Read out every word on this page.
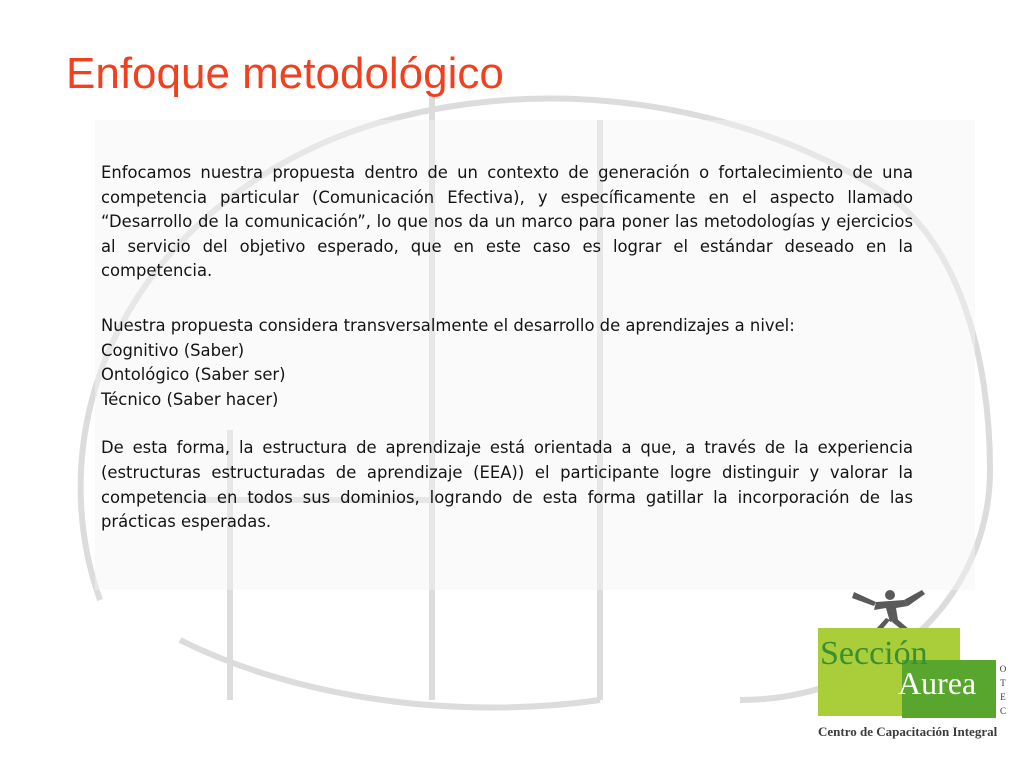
Enfoque metodológico

Enfocamos nuestra propuesta dentro de un contexto de generación o fortalecimiento de una competencia particular (Comunicación Efectiva), y específicamente en el aspecto llamado “Desarrollo de la comunicación”, lo que nos da un marco para poner las metodologías y ejercicios al servicio del objetivo esperado, que en este caso es lograr el estándar deseado en la competencia.

Nuestra propuesta considera transversalmente el desarrollo de aprendizajes a nivel:

Cognitivo (Saber)

Ontológico (Saber ser)

Técnico (Saber hacer)

De esta forma, la estructura de aprendizaje está orientada a que, a través de la experiencia (estructuras estructuradas de aprendizaje (EEA)) el participante logre distinguir y valorar la competencia en todos sus dominios, logrando de esta forma gatillar la incorporación de las prácticas esperadas.

Sección
Aurea	O
T
E
C
Centro de Capacitación Integral
